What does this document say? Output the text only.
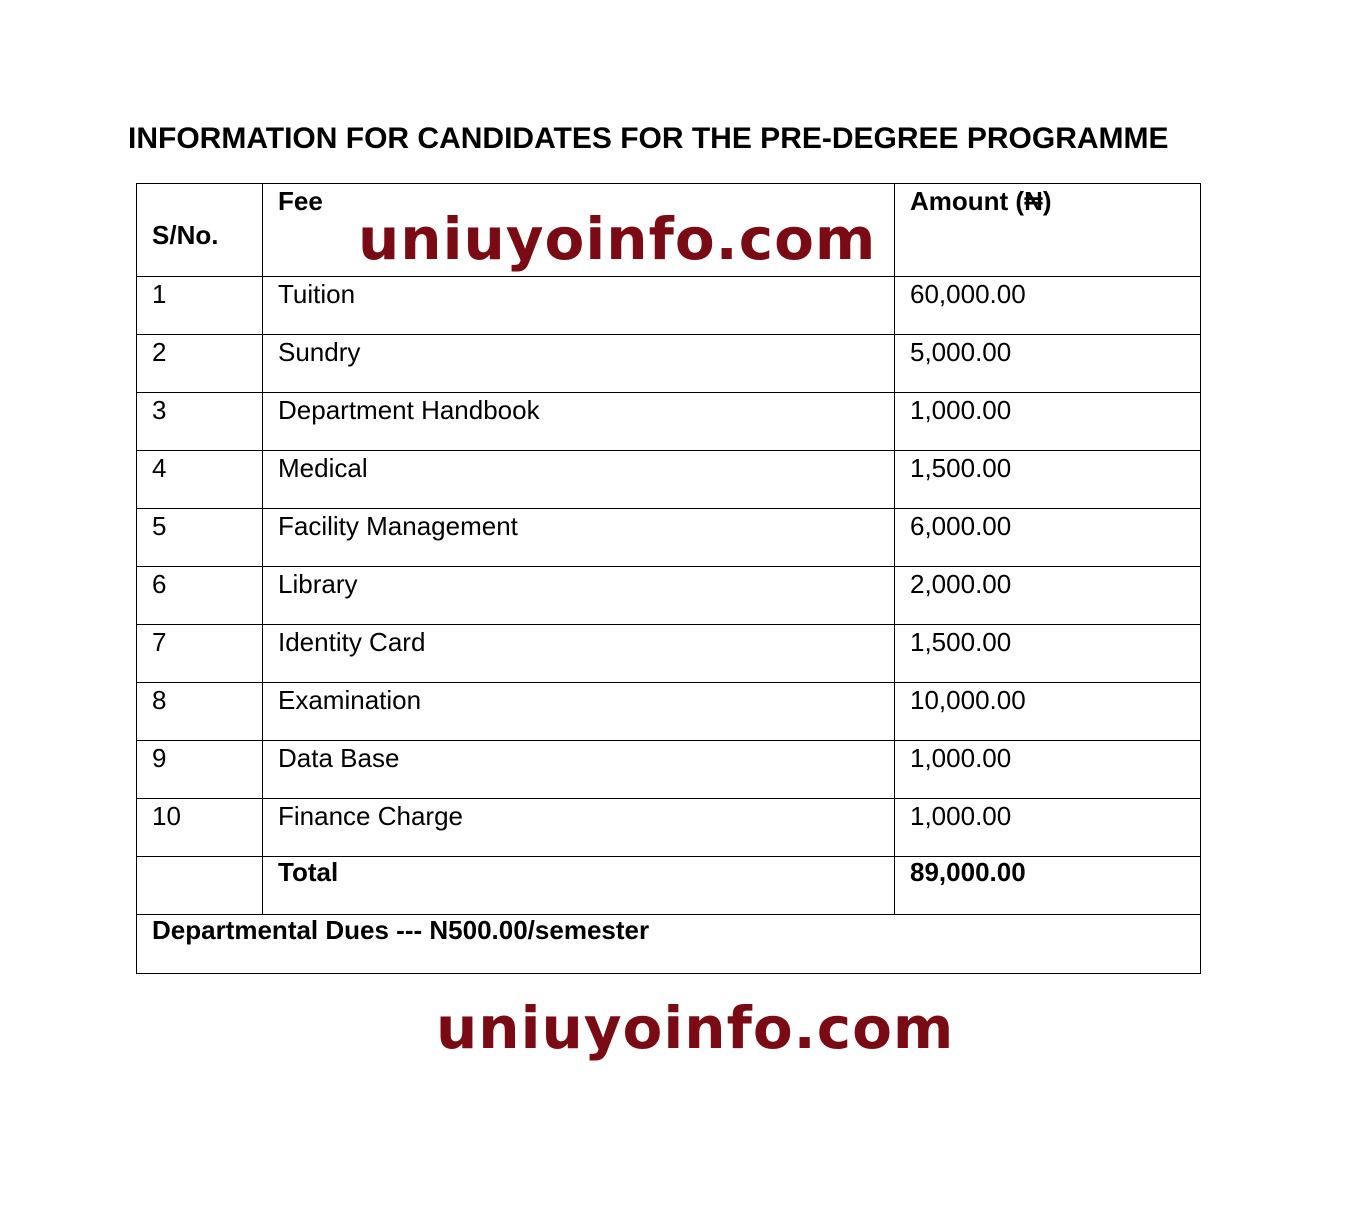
INFORMATION FOR CANDIDATES FOR THE PRE-DEGREE PROGRAMME
S/No.	Fee	Amount (₦)

1	Tuition	60,000.00
2	Sundry	5,000.00
3	Department Handbook	1,000.00
4	Medical	1,500.00
5	Facility Management	6,000.00
6	Library	2,000.00
7	Identity Card	1,500.00
8	Examination	10,000.00
9	Data Base	1,000.00
10	Finance Charge	1,000.00
	Total	89,000.00
Departmental Dues --- N500.00/semester		
uniuyoinfo.com
uniuyoinfo.com
